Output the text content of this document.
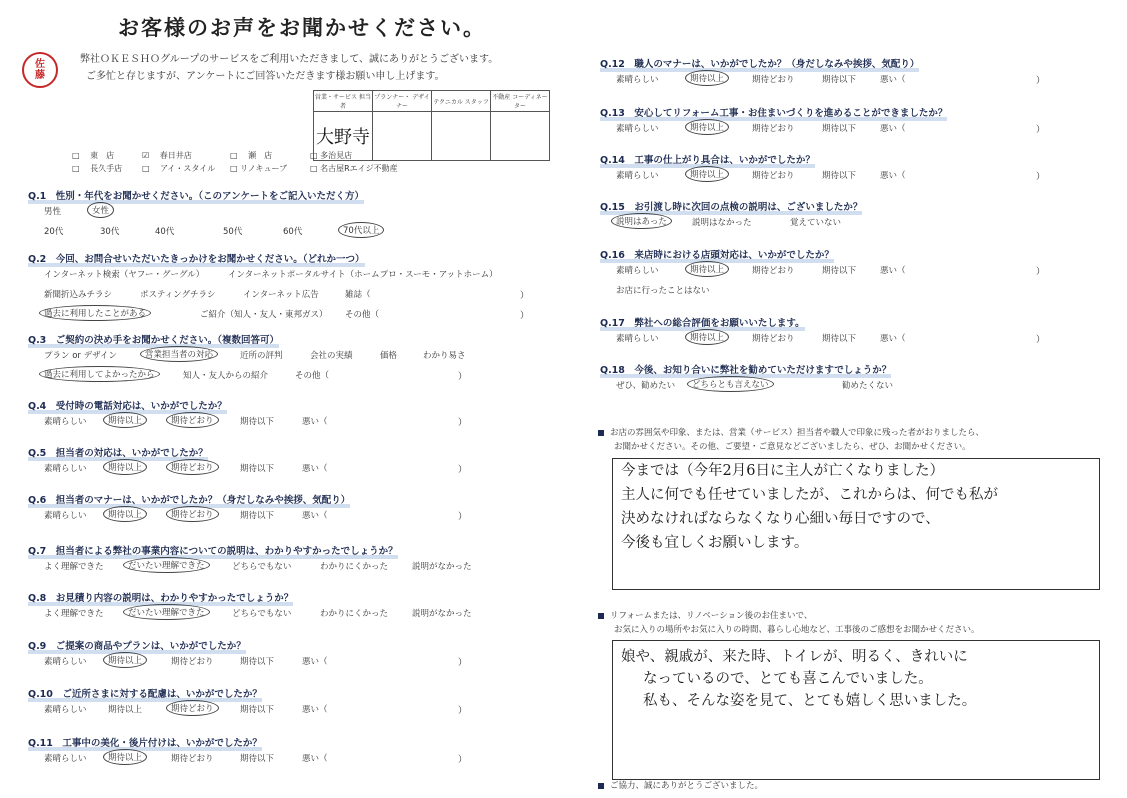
お客様のお声をお聞かせください。
佐
藤
弊社ＯＫＥＳＨＯグループのサービスをご利用いただきまして、誠にありがとうございます。
ご多忙と存じますが、アンケートにご回答いただきます様お願い申し上げます。
営業・サービス 担当者	プランナー・ デザイナー	テクニカル スタッフ	不動産 コーディネーター
大野寺			
□ 　東　店	☑ 　春日井店	□ 　瀬　店	□ 多治見店
□ 　長久手店 □ 　アイ・スタイル □ リノキューブ	□ 名古屋Rエイジ不動産
Q.1　性別・年代をお聞かせください。（このアンケートをご記入いただく方）
男性	女性
20代	30代	40代	50代	60代	70代以上
Q.2　今回、お問合せいただいたきっかけをお聞かせください。（どれか一つ）
インターネット検索（ヤフー・グーグル）	インターネットポータルサイト（ホームプロ・スーモ・アットホーム）
新聞折込みチラシ	ポスティングチラシ	インターネット広告	雑誌（	）
過去に利用したことがある	ご紹介（知人・友人・東邦ガス） その他（	）
Q.3　ご契約の決め手をお聞かせください。（複数回答可）
プラン or デザイン	営業担当者の対応	近所の評判	会社の実績	価格	わかり易さ
過去に利用してよかったから	知人・友人からの紹介	その他（	）
Q.4　受付時の電話対応は、いかがでしたか？
素晴らしい	期待以上	期待どおり	期待以下	悪い（	）
Q.5　担当者の対応は、いかがでしたか？
素晴らしい	期待以上	期待どおり	期待以下	悪い（	）
Q.6　担当者のマナーは、いかがでしたか？（身だしなみや挨拶、気配り）
素晴らしい	期待以上	期待どおり	期待以下	悪い（	）
Q.7　担当者による弊社の事業内容についての説明は、わかりやすかったでしょうか？
よく理解できた	だいたい理解できた	どちらでもない	わかりにくかった	説明がなかった
Q.8　お見積り内容の説明は、わかりやすかったでしょうか？
よく理解できた	だいたい理解できた	どちらでもない	わかりにくかった	説明がなかった
Q.9　ご提案の商品やプランは、いかがでしたか？
素晴らしい	期待以上	期待どおり	期待以下	悪い（	）
Q.10　ご近所さまに対する配慮は、いかがでしたか？
素晴らしい	期待以上	期待どおり	期待以下	悪い（	）
Q.11　工事中の美化・後片付けは、いかがでしたか？
素晴らしい	期待以上	期待どおり	期待以下	悪い（	）
Q.12　職人のマナーは、いかがでしたか？（身だしなみや挨拶、気配り）
素晴らしい	期待以上	期待どおり	期待以下	悪い（	）
Q.13　安心してリフォーム工事・お住まいづくりを進めることができましたか？
素晴らしい	期待以上	期待どおり	期待以下	悪い（	）
Q.14　工事の仕上がり具合は、いかがでしたか？
素晴らしい	期待以上	期待どおり	期待以下	悪い（	）
Q.15　お引渡し時に次回の点検の説明は、ございましたか？
説明はあった	説明はなかった	覚えていない
Q.16　来店時における店頭対応は、いかがでしたか？
素晴らしい	期待以上	期待どおり	期待以下	悪い（	）
お店に行ったことはない
Q.17　弊社への総合評価をお願いいたします。
素晴らしい	期待以上	期待どおり	期待以下	悪い（	）
Q.18　今後、お知り合いに弊社を勧めていただけますでしょうか？
ぜひ、勧めたい	どちらとも言えない	勧めたくない
お店の雰囲気や印象、または、営業（サービス）担当者や職人で印象に残った者がおりましたら、
お聞かせください。その他、ご要望・ご意見などございましたら、ぜひ、お聞かせください。
今までは（今年2月6日に主人が亡くなりました）
主人に何でも任せていましたが、これからは、何でも私が
決めなければならなくなり心細い毎日ですので、
今後も宜しくお願いします。
リフォームまたは、リノベーション後のお住まいで、
お気に入りの場所やお気に入りの時間、暮らし心地など、工事後のご感想をお聞かせください。
娘や、親戚が、来た時、トイレが、明るく、きれいに
なっているので、とても喜こんでいました。
私も、そんな姿を見て、とても嬉しく思いました。
ご協力、誠にありがとうございました。
